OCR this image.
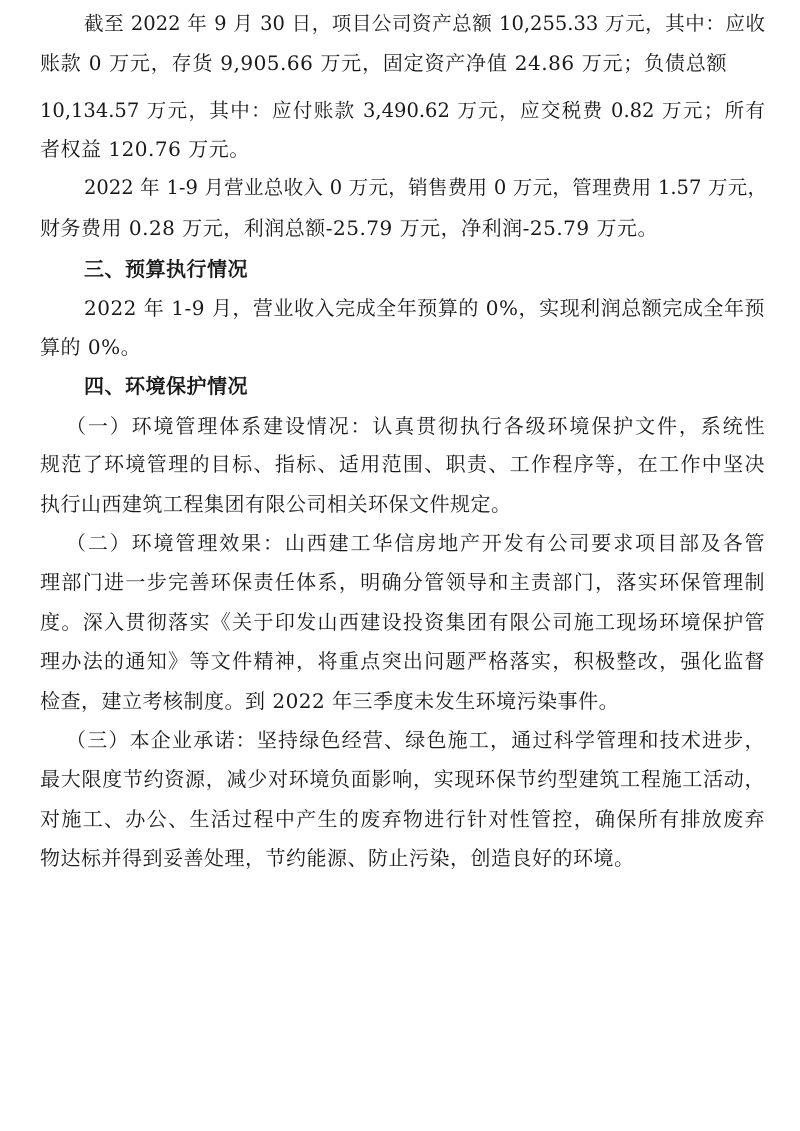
截至 2022 年 9 月 30 日，项目公司资产总额 10,255.33 万元，其中：应收
账款 0 万元，存货 9,905.66 万元，固定资产净值 24.86 万元；负债总额
10,134.57 万元，其中：应付账款 3,490.62 万元，应交税费 0.82 万元；所有
者权益 120.76 万元。
2022 年 1-9 月营业总收入 0 万元，销售费用 0 万元，管理费用 1.57 万元，
财务费用 0.28 万元，利润总额-25.79 万元，净利润-25.79 万元。
三、预算执行情况
2022 年 1-9 月，营业收入完成全年预算的 0%，实现利润总额完成全年预
算的 0%。
四、环境保护情况
（一）环境管理体系建设情况：认真贯彻执行各级环境保护文件，系统性
规范了环境管理的目标、指标、适用范围、职责、工作程序等，在工作中坚决
执行山西建筑工程集团有限公司相关环保文件规定。
（二）环境管理效果：山西建工华信房地产开发有公司要求项目部及各管
理部门进一步完善环保责任体系，明确分管领导和主责部门，落实环保管理制
度。深入贯彻落实《关于印发山西建设投资集团有限公司施工现场环境保护管
理办法的通知》等文件精神，将重点突出问题严格落实，积极整改，强化监督
检查，建立考核制度。到 2022 年三季度未发生环境污染事件。
（三）本企业承诺：坚持绿色经营、绿色施工，通过科学管理和技术进步，
最大限度节约资源，减少对环境负面影响，实现环保节约型建筑工程施工活动，
对施工、办公、生活过程中产生的废弃物进行针对性管控，确保所有排放废弃
物达标并得到妥善处理，节约能源、防止污染，创造良好的环境。
